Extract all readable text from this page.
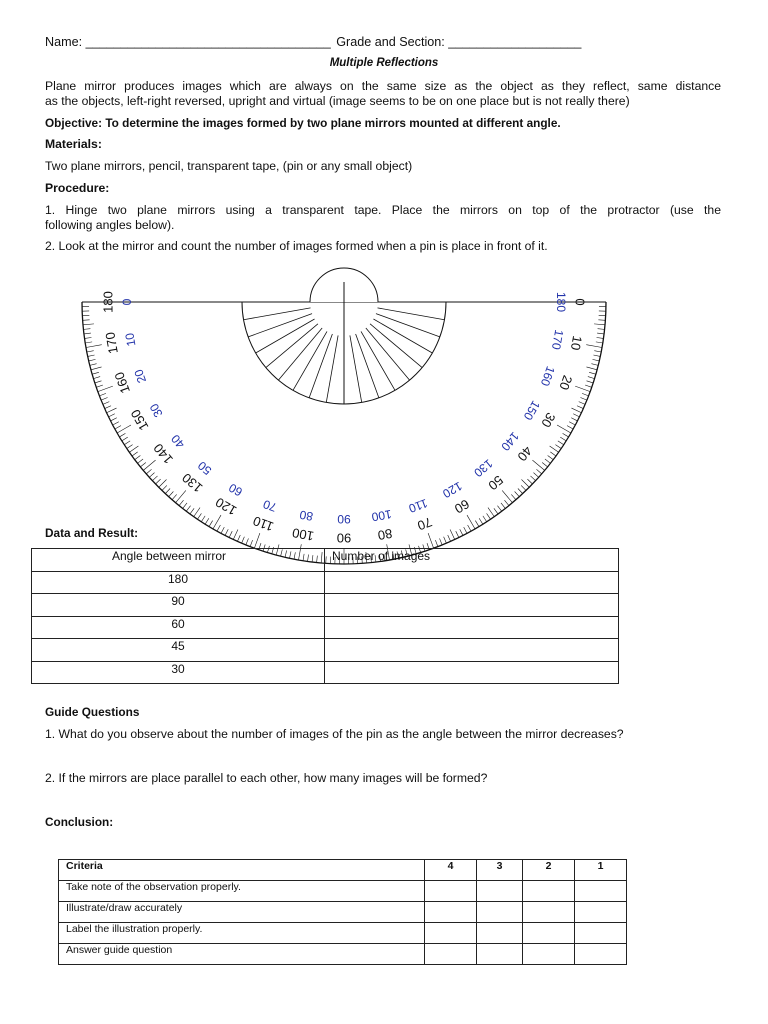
Name: ___________________________________ Grade and Section: ___________________
Multiple Reflections
Plane mirror produces images which are always on the same size as the object as they reflect, same distance
as the objects, left-right reversed, upright and virtual (image seems to be on one place but is not really there)
Objective: To determine the images formed by two plane mirrors mounted at different angle.
Materials:
Two plane mirrors, pencil, transparent tape, (pin or any small object)
Procedure:
1. Hinge two plane mirrors using a transparent tape. Place the mirrors on top of the protractor (use the
following angles below).
2. Look at the mirror and count the number of images formed when a pin is place in front of it.
0
10
20
30
40
50
60
70
80
90
100
110
120
130
140
150
160
170
180 0
10
20
30
40
50
60
70
80 90 100 110
120
130
140
150
160
170
180
Data and Result:
Angle between mirror	Number of images
180	
90	
60	
45	
30	
Guide Questions
1. What do you observe about the number of images of the pin as the angle between the mirror decreases?
2. If the mirrors are place parallel to each other, how many images will be formed?
Conclusion:
Criteria	4	3	2	1
Take note of the observation properly.				
Illustrate/draw accurately				
Label the illustration properly.				
Answer guide question				
